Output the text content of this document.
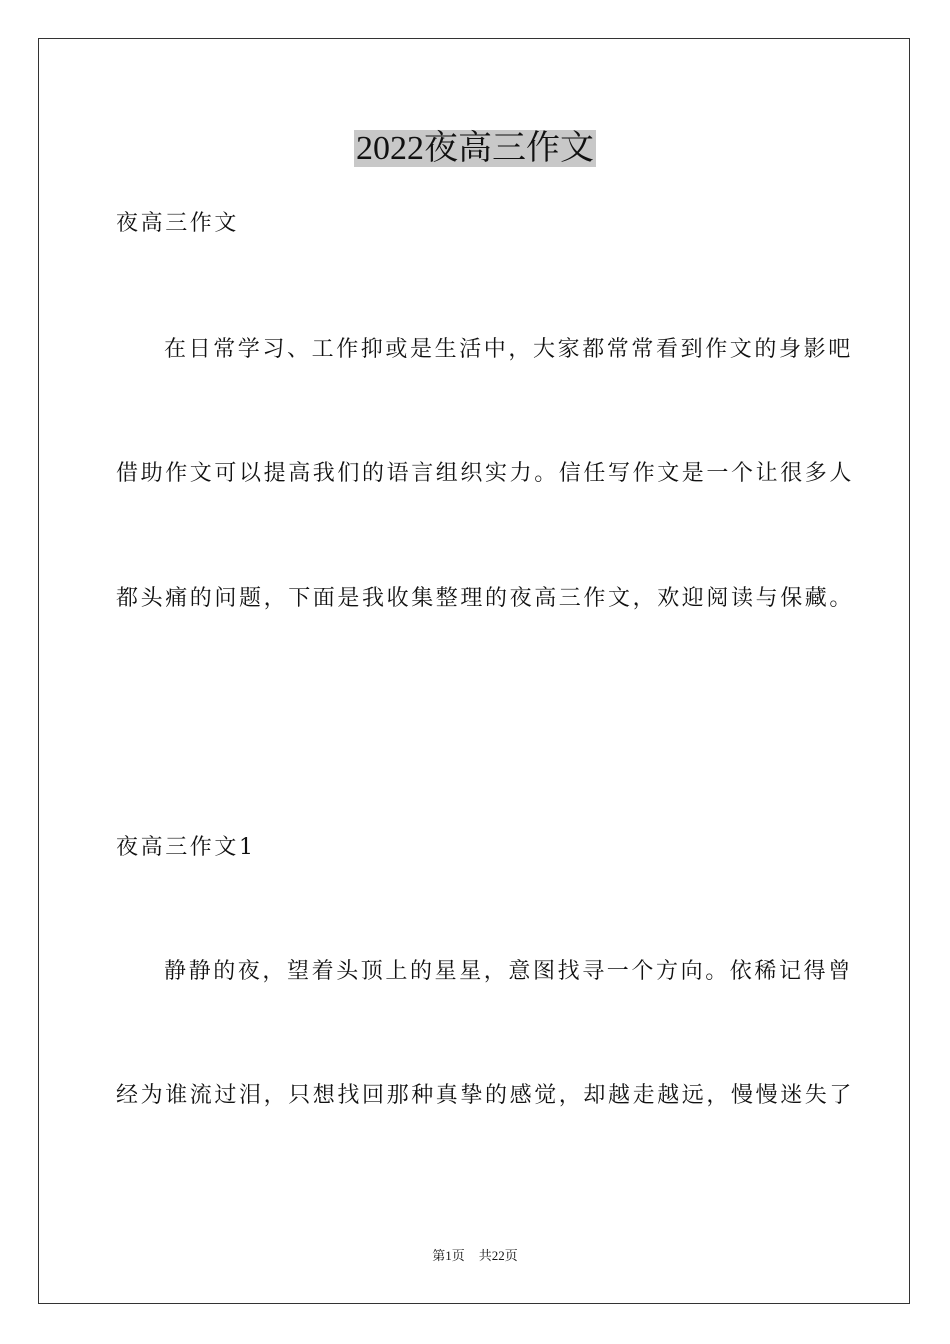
2022夜高三作文
夜高三作文
在日常学习、工作抑或是生活中，大家都常常看到作文的身影吧
借助作文可以提高我们的语言组织实力。信任写作文是一个让很多人
都头痛的问题，下面是我收集整理的夜高三作文，欢迎阅读与保藏。
夜高三作文1
静静的夜，望着头顶上的星星，意图找寻一个方向。依稀记得曾
经为谁流过泪，只想找回那种真挚的感觉，却越走越远，慢慢迷失了
第1页 共22页
